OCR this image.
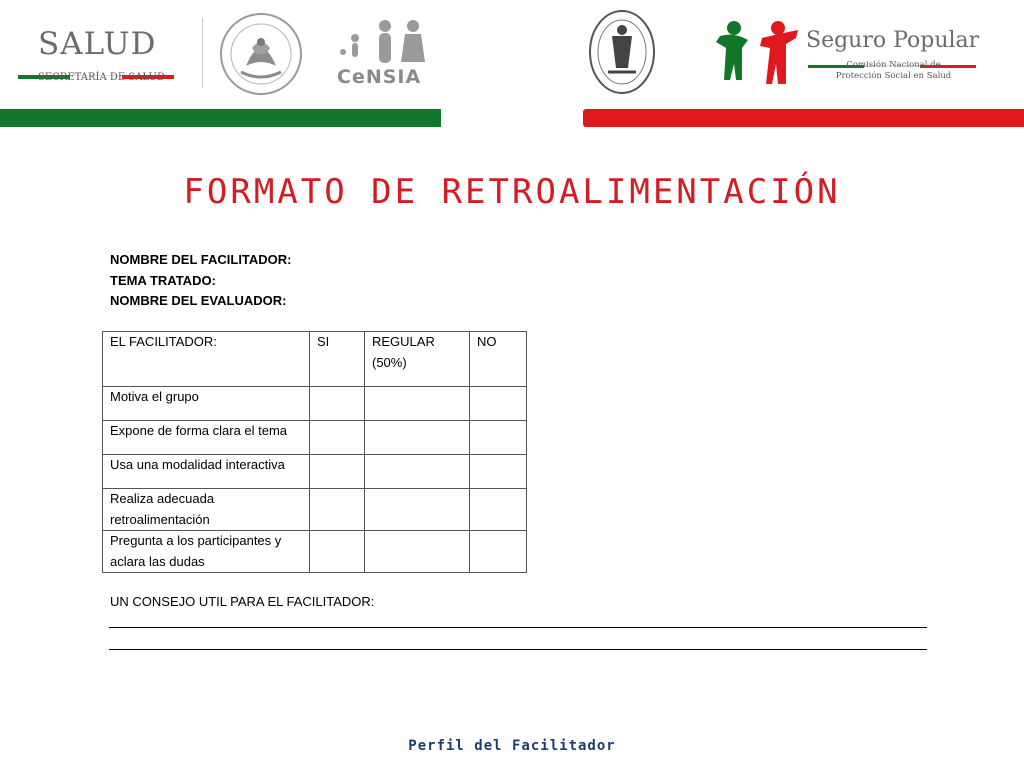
SALUD
SECRETARÍA DE SALUD	CeNSIA
Seguro Popular
Comisión Nacional de
Protección Social en Salud
FORMATO DE RETROALIMENTACIÓN
NOMBRE DEL FACILITADOR:
TEMA TRATADO:
NOMBRE DEL EVALUADOR:
EL FACILITADOR:	SI	REGULAR (50%)	NO
Motiva el grupo			
Expone de forma clara el tema			
Usa una modalidad interactiva			
Realiza adecuada retroalimentación			
Pregunta a los participantes y aclara las dudas			
UN CONSEJO UTIL PARA EL FACILITADOR:
Perfil del Facilitador
